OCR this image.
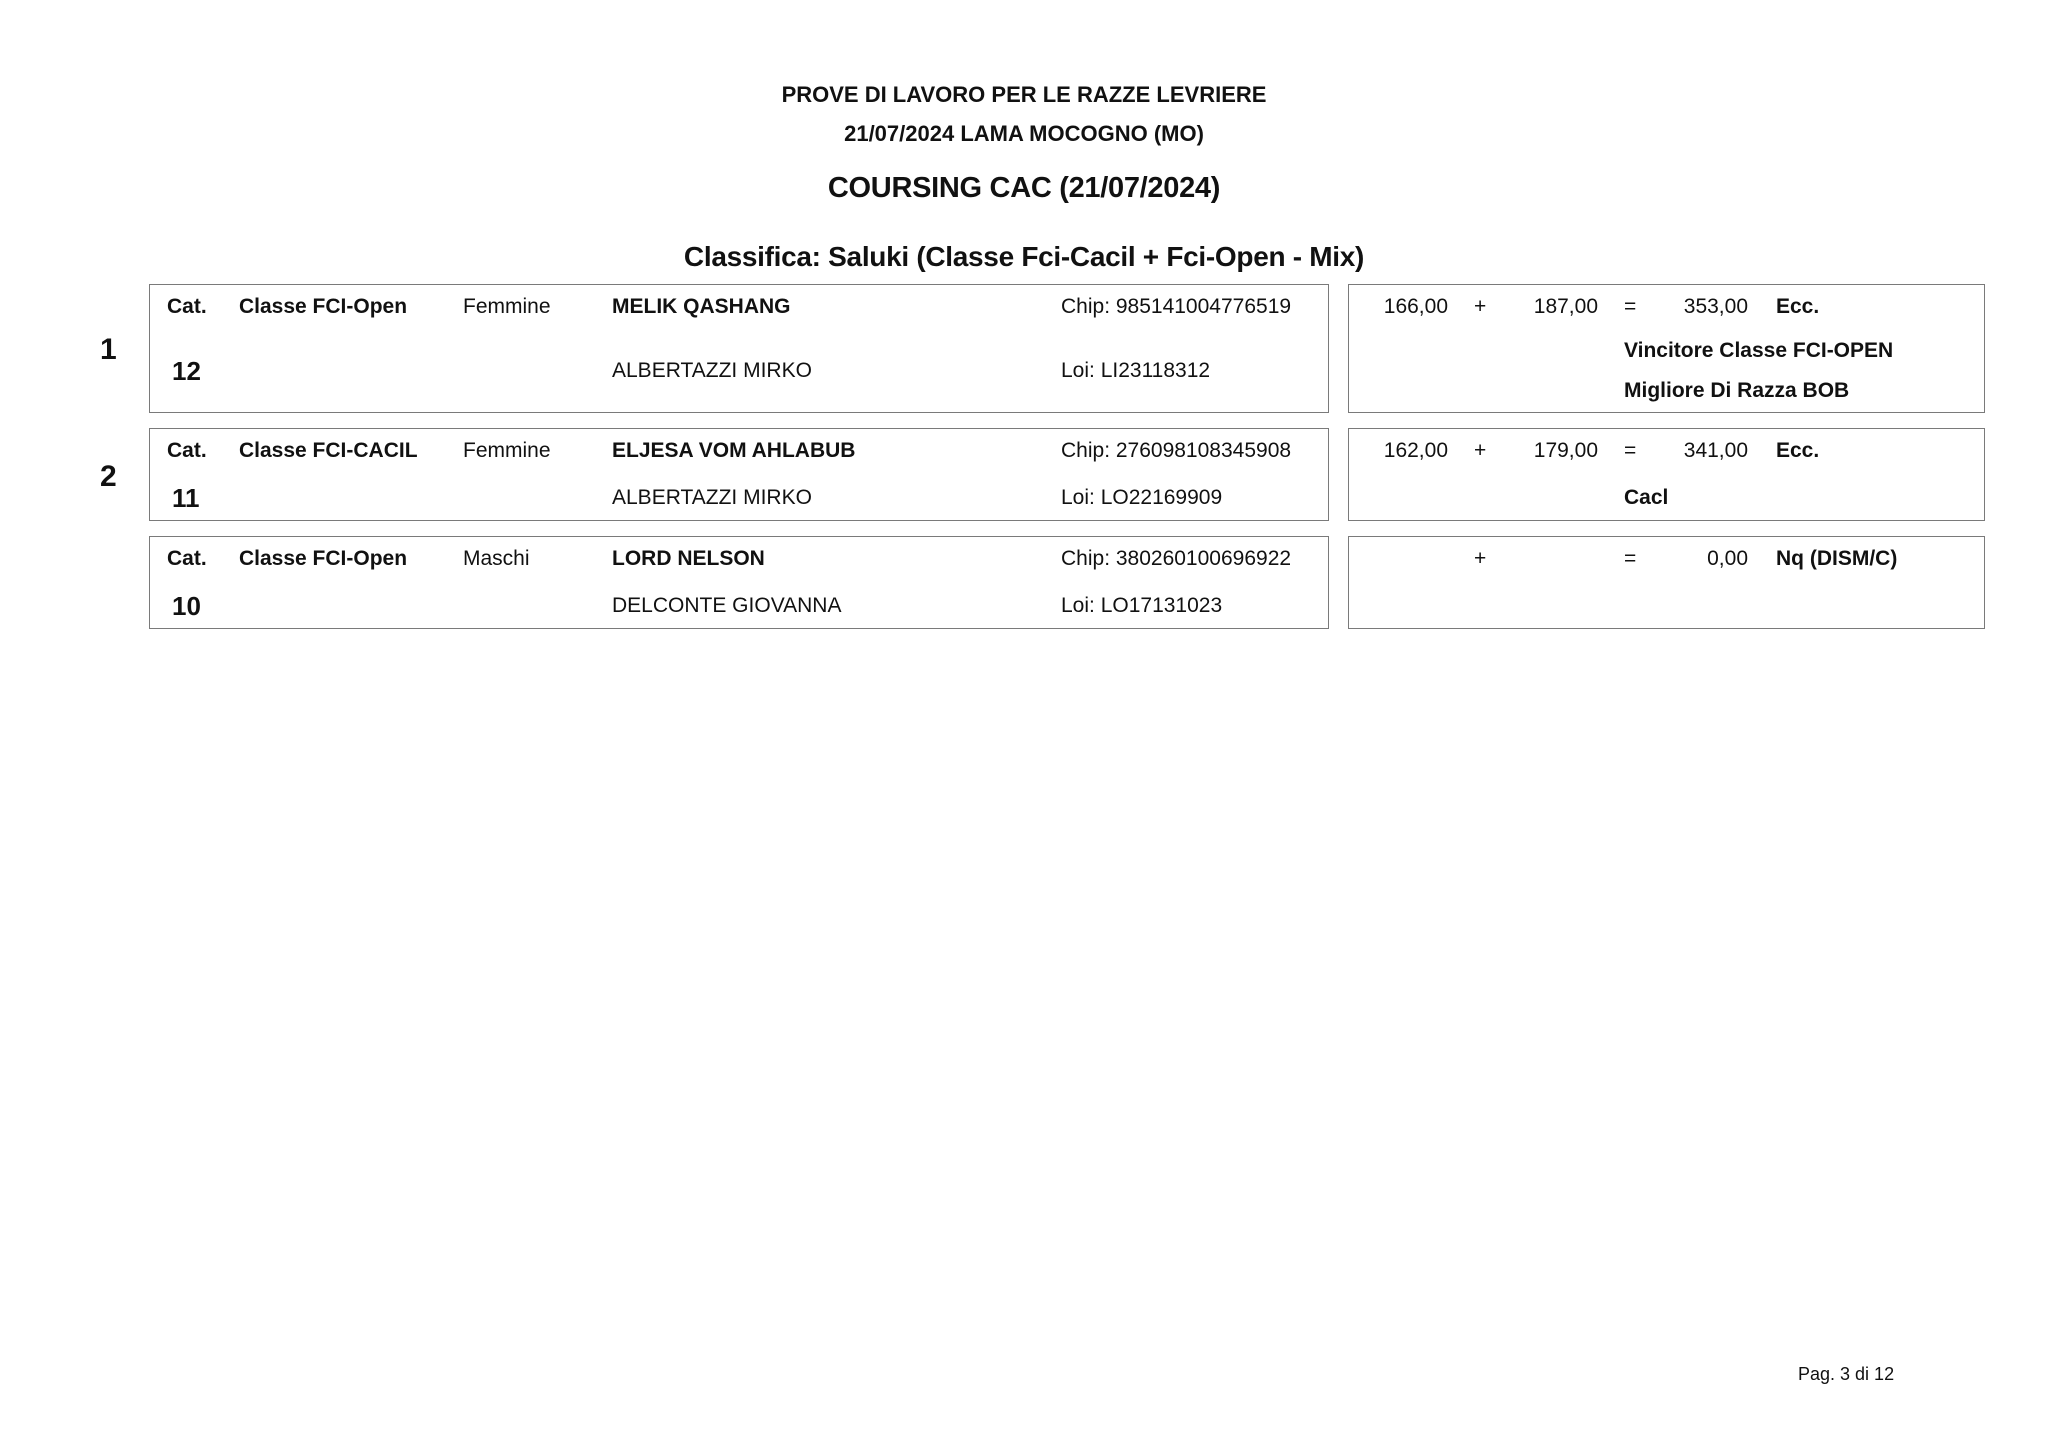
PROVE DI LAVORO PER LE RAZZE LEVRIERE
21/07/2024 LAMA MOCOGNO (MO)
COURSING CAC (21/07/2024)
Classifica: Saluki (Classe Fci-Cacil + Fci-Open - Mix)
1
Cat. Classe FCI-Open	Femmine	MELIK QASHANG	Chip: 985141004776519
12	ALBERTAZZI MIRKO	Loi: LI23118312
166,00 +	187,00 =	353,00 Ecc.
Vincitore Classe FCI-OPEN
Migliore Di Razza BOB
2
Cat. Classe FCI-CACIL Femmine	ELJESA VOM AHLABUB	Chip: 276098108345908
11	ALBERTAZZI MIRKO	Loi: LO22169909
162,00 +	179,00 =	341,00 Ecc.
Cacl
Cat. Classe FCI-Open	Maschi	LORD NELSON	Chip: 380260100696922
10	DELCONTE GIOVANNA	Loi: LO17131023
+	=	0,00 Nq (DISM/C)
Pag. 3 di 12
